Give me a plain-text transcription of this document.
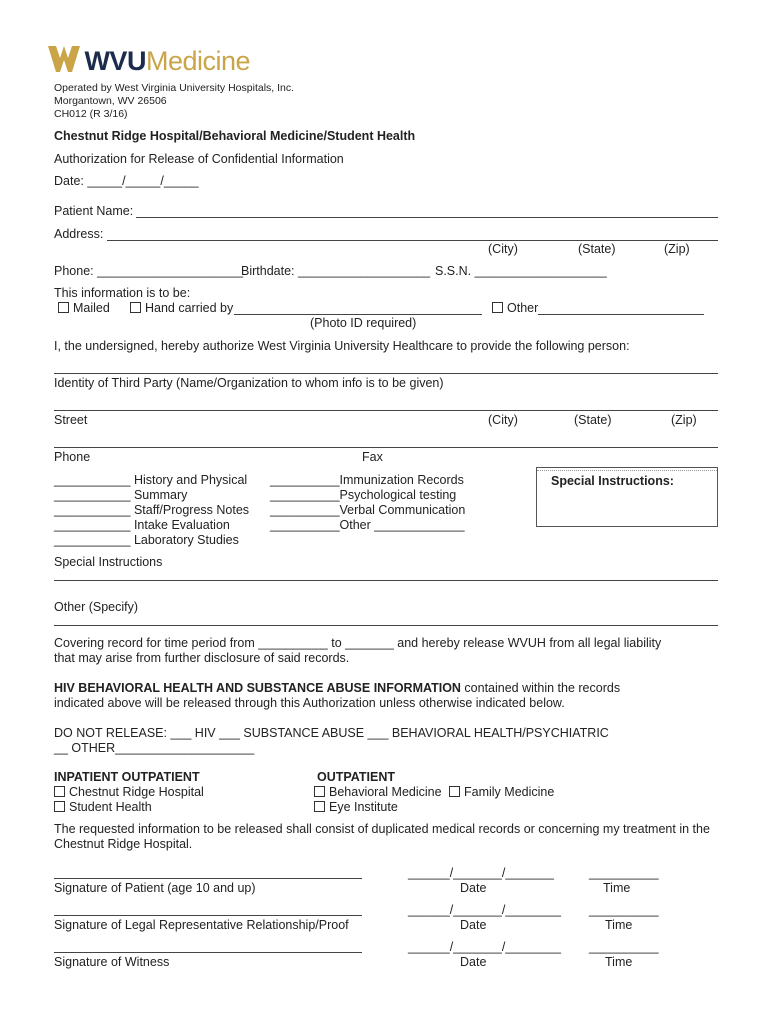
WVUMedicine
Operated by West Virginia University Hospitals, Inc.
Morgantown, WV 26506
CH012 (R 3/16)
Chestnut Ridge Hospital/Behavioral Medicine/Student Health
Authorization for Release of Confidential Information
Date: _____/_____/_____
Patient Name:
Address:
(City)	(State)	(Zip)
Phone: _____________________
Birthdate: ___________________ S.S.N. ___________________
This information is to be:
Mailed	Hand carried by	Other
(Photo ID required)
I, the undersigned, hereby authorize West Virginia University Healthcare to provide the following person:
Identity of Third Party (Name/Organization to whom info is to be given)
Street	(City)	(State)	(Zip)
Phone	Fax
___________ History and Physical
___________ Summary
___________ Staff/Progress Notes
___________ Intake Evaluation
___________ Laboratory Studies
__________Immunization Records
__________Psychological testing
__________Verbal Communication
__________Other _____________
Special Instructions:
Special Instructions
Other (Specify)
Covering record for time period from __________ to _______ and hereby release WVUH from all legal liability
that may arise from further disclosure of said records.
HIV BEHAVIORAL HEALTH AND SUBSTANCE ABUSE INFORMATION contained within the records
indicated above will be released through this Authorization unless otherwise indicated below.
DO NOT RELEASE: ___ HIV ___ SUBSTANCE ABUSE ___ BEHAVIORAL HEALTH/PSYCHIATRIC
__ OTHER____________________
INPATIENT OUTPATIENT
Chestnut Ridge Hospital
Student Health
OUTPATIENT
Behavioral Medicine	Family Medicine
Eye Institute
The requested information to be released shall consist of duplicated medical records or concerning my treatment in the
Chestnut Ridge Hospital.
Signature of Patient (age 10 and up)
______/_______/_______
Date
__________
Time
Signature of Legal Representative Relationship/Proof
______/_______/________
Date
__________
Time
Signature of Witness
______/_______/________
Date
__________
Time
